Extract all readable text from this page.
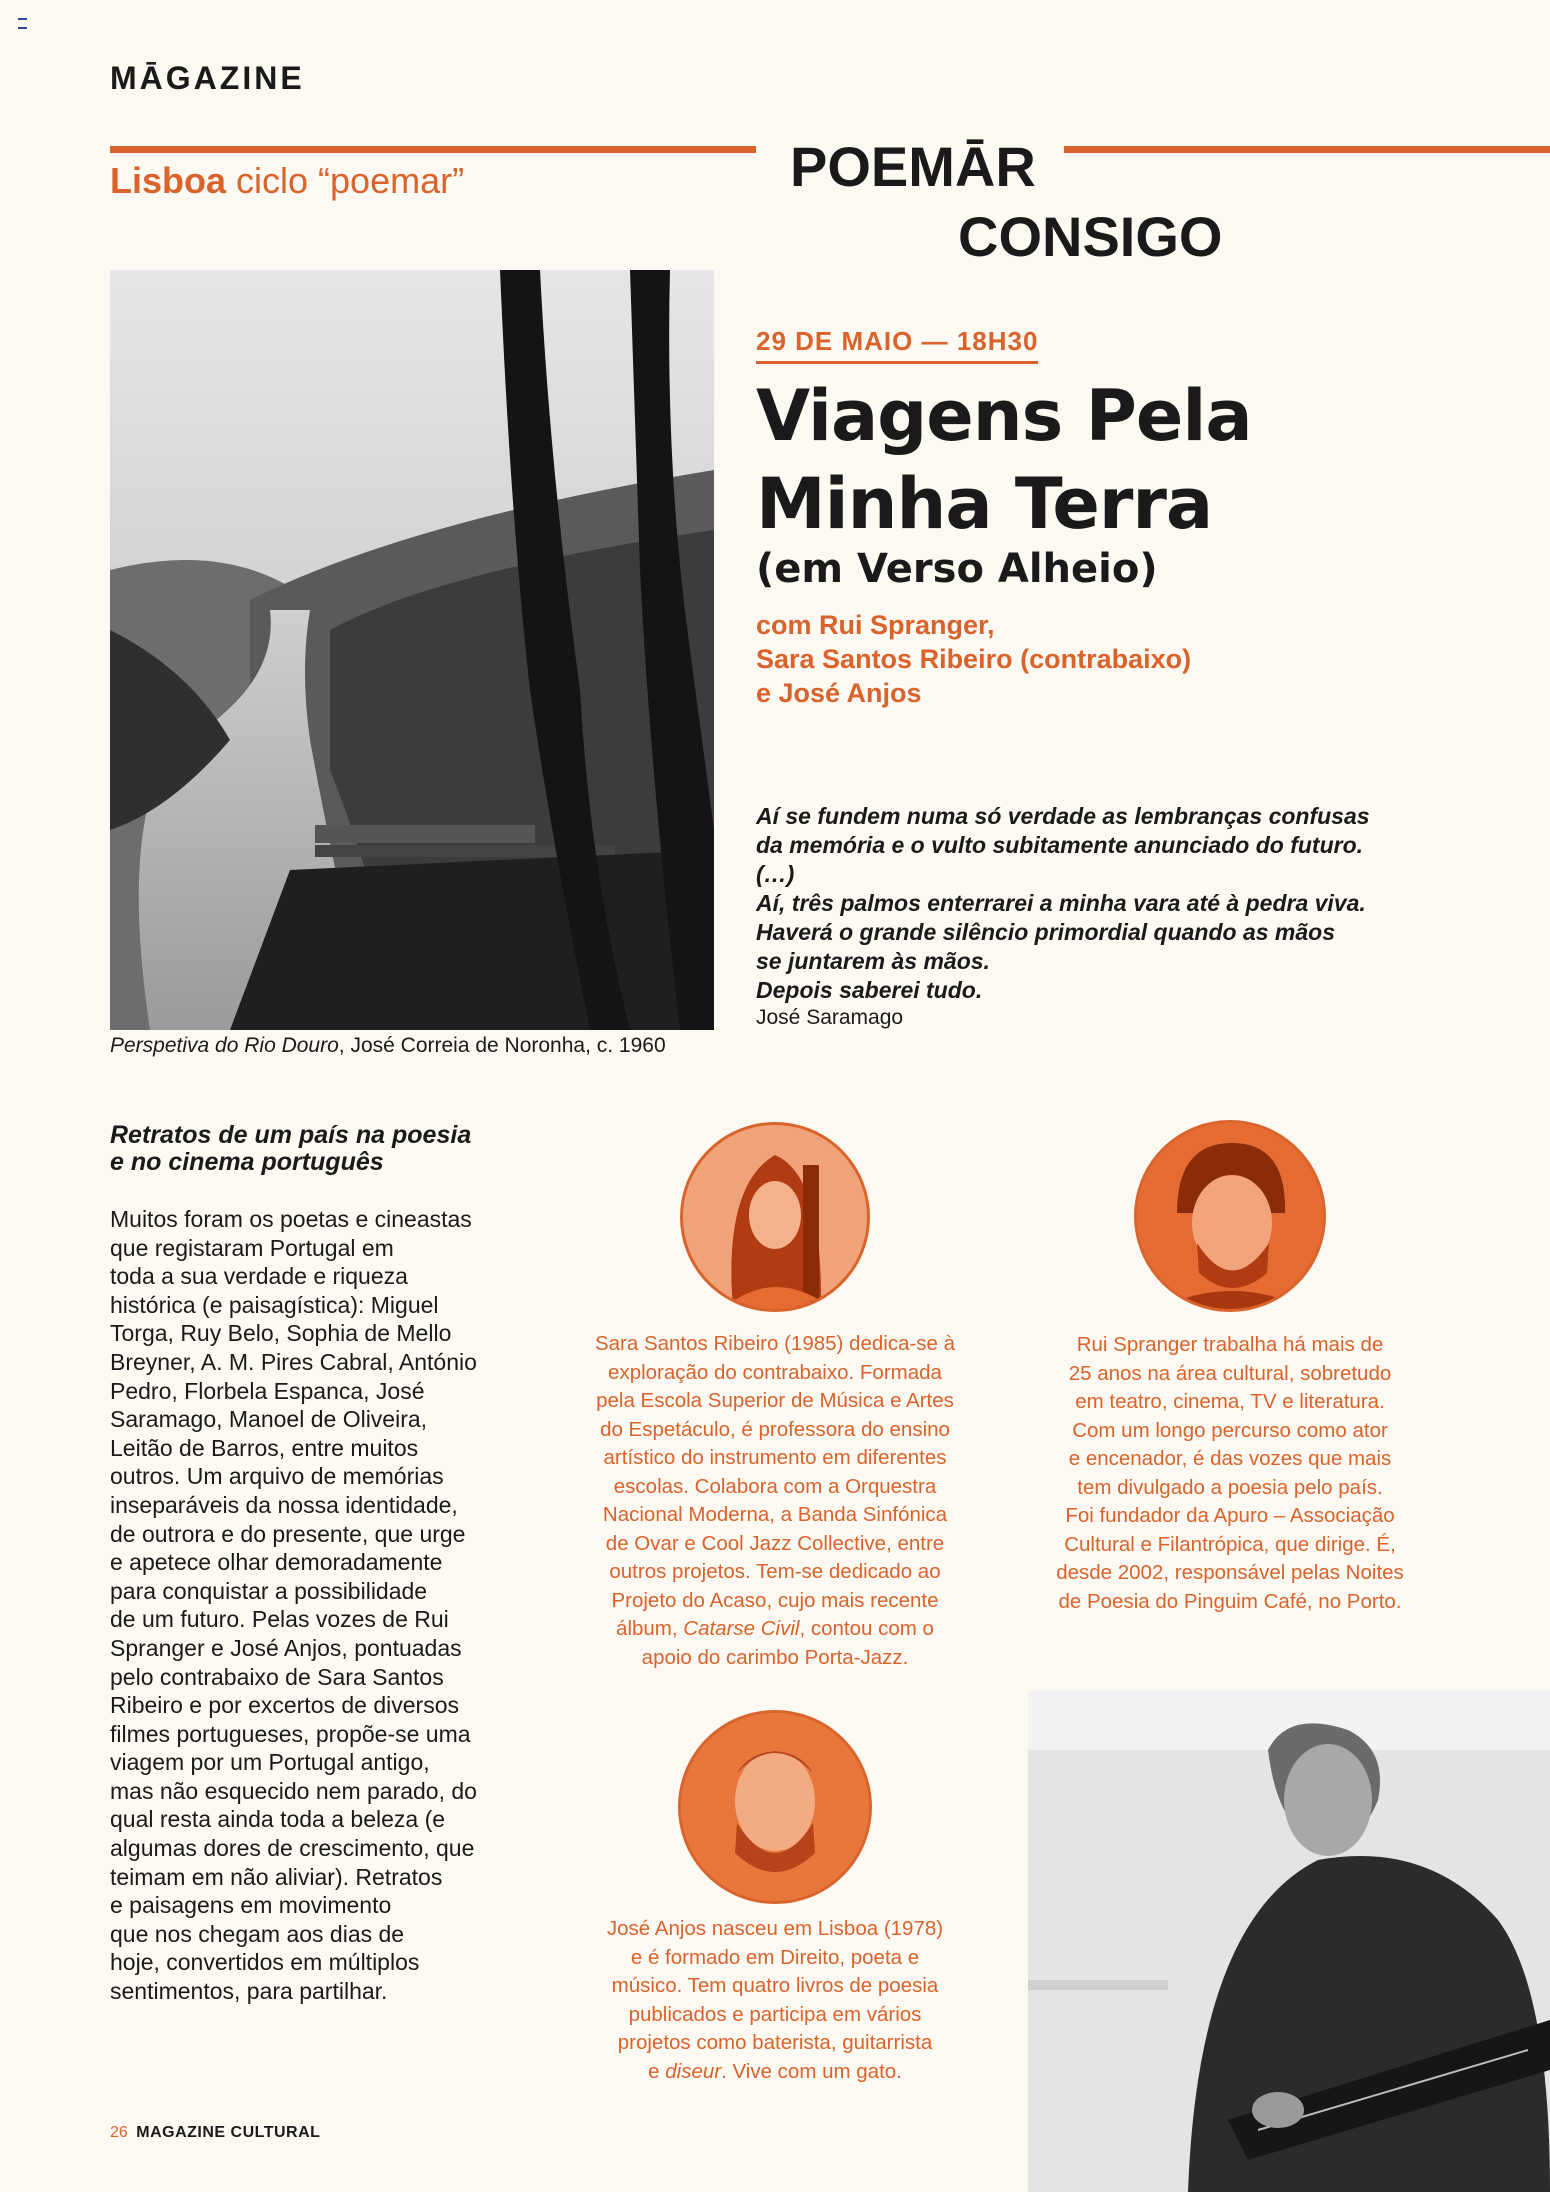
MĀGAZINE
Lisboa ciclo “poemar”	POEMĀR
CONSIGO
Perspetiva do Rio Douro, José Correia de Noronha, c. 1960
29 DE MAIO — 18H30
Viagens Pela
Minha Terra
(em Verso Alheio)
com Rui Spranger,
Sara Santos Ribeiro (contrabaixo)
e José Anjos
Aí se fundem numa só verdade as lembranças confusas
da memória e o vulto subitamente anunciado do futuro.
(…)
Aí, três palmos enterrarei a minha vara até à pedra viva.
Haverá o grande silêncio primordial quando as mãos
se juntarem às mãos.
Depois saberei tudo.
José Saramago
Retratos de um país na poesia
e no cinema português
Muitos foram os poetas e cineastas
que registaram Portugal em
toda a sua verdade e riqueza
histórica (e paisagística): Miguel
Torga, Ruy Belo, Sophia de Mello
Breyner, A. M. Pires Cabral, António
Pedro, Florbela Espanca, José
Saramago, Manoel de Oliveira,
Leitão de Barros, entre muitos
outros. Um arquivo de memórias
inseparáveis da nossa identidade,
de outrora e do presente, que urge
e apetece olhar demoradamente
para conquistar a possibilidade
de um futuro. Pelas vozes de Rui
Spranger e José Anjos, pontuadas
pelo contrabaixo de Sara Santos
Ribeiro e por excertos de diversos
filmes portugueses, propõe-se uma
viagem por um Portugal antigo,
mas não esquecido nem parado, do
qual resta ainda toda a beleza (e
algumas dores de crescimento, que
teimam em não aliviar). Retratos
e paisagens em movimento
que nos chegam aos dias de
hoje, convertidos em múltiplos
sentimentos, para partilhar.
Sara Santos Ribeiro (1985) dedica-se à
exploração do contrabaixo. Formada
pela Escola Superior de Música e Artes
do Espetáculo, é professora do ensino
artístico do instrumento em diferentes
escolas. Colabora com a Orquestra
Nacional Moderna, a Banda Sinfónica
de Ovar e Cool Jazz Collective, entre
outros projetos. Tem-se dedicado ao
Projeto do Acaso, cujo mais recente
álbum, Catarse Civil, contou com o
apoio do carimbo Porta-Jazz.
Rui Spranger trabalha há mais de
25 anos na área cultural, sobretudo
em teatro, cinema, TV e literatura.
Com um longo percurso como ator
e encenador, é das vozes que mais
tem divulgado a poesia pelo país.
Foi fundador da Apuro – Associação
Cultural e Filantrópica, que dirige. É,
desde 2002, responsável pelas Noites
de Poesia do Pinguim Café, no Porto.
José Anjos nasceu em Lisboa (1978)
e é formado em Direito, poeta e
músico. Tem quatro livros de poesia
publicados e participa em vários
projetos como baterista, guitarrista
e diseur. Vive com um gato.
26 MAGAZINE CULTURAL
